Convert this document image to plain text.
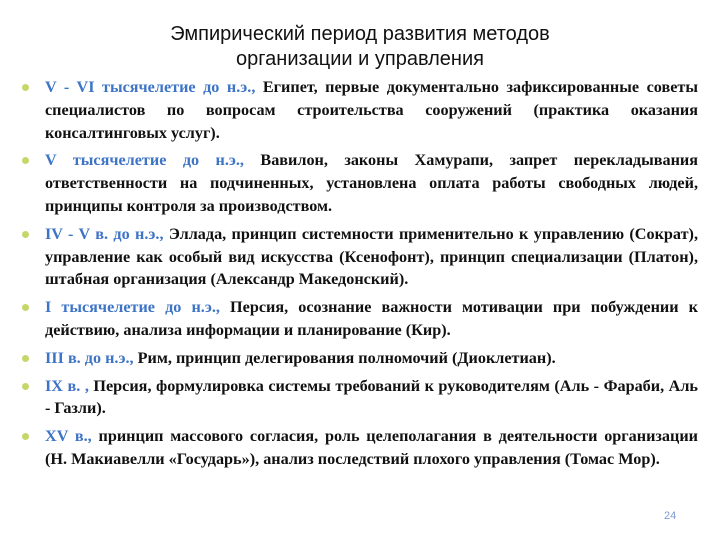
Эмпирический период развития методов
организации и управления
V - VI тысячелетие до н.э., Египет, первые документально зафиксированные советы специалистов по вопросам строительства сооружений (практика оказания консалтинговых услуг).
V тысячелетие до н.э., Вавилон, законы Хамурапи, запрет перекладывания ответственности на подчиненных, установлена оплата работы свободных людей, принципы контроля за производством.
IV - V в. до н.э., Эллада, принцип системности применительно к управлению (Сократ), управление как особый вид искусства (Ксенофонт), принцип специализации (Платон), штабная организация (Александр Македонский).
I тысячелетие до н.э., Персия, осознание важности мотивации при побуждении к действию, анализа информации и планирование (Кир).
III в. до н.э., Рим, принцип делегирования полномочий (Диоклетиан).
IX в. , Персия, формулировка системы требований к руководителям (Аль - Фараби, Аль - Газли).
XV в., принцип массового согласия, роль целеполагания в деятельности организации (Н. Макиавелли «Государь»), анализ последствий плохого управления (Томас Мор).
24
